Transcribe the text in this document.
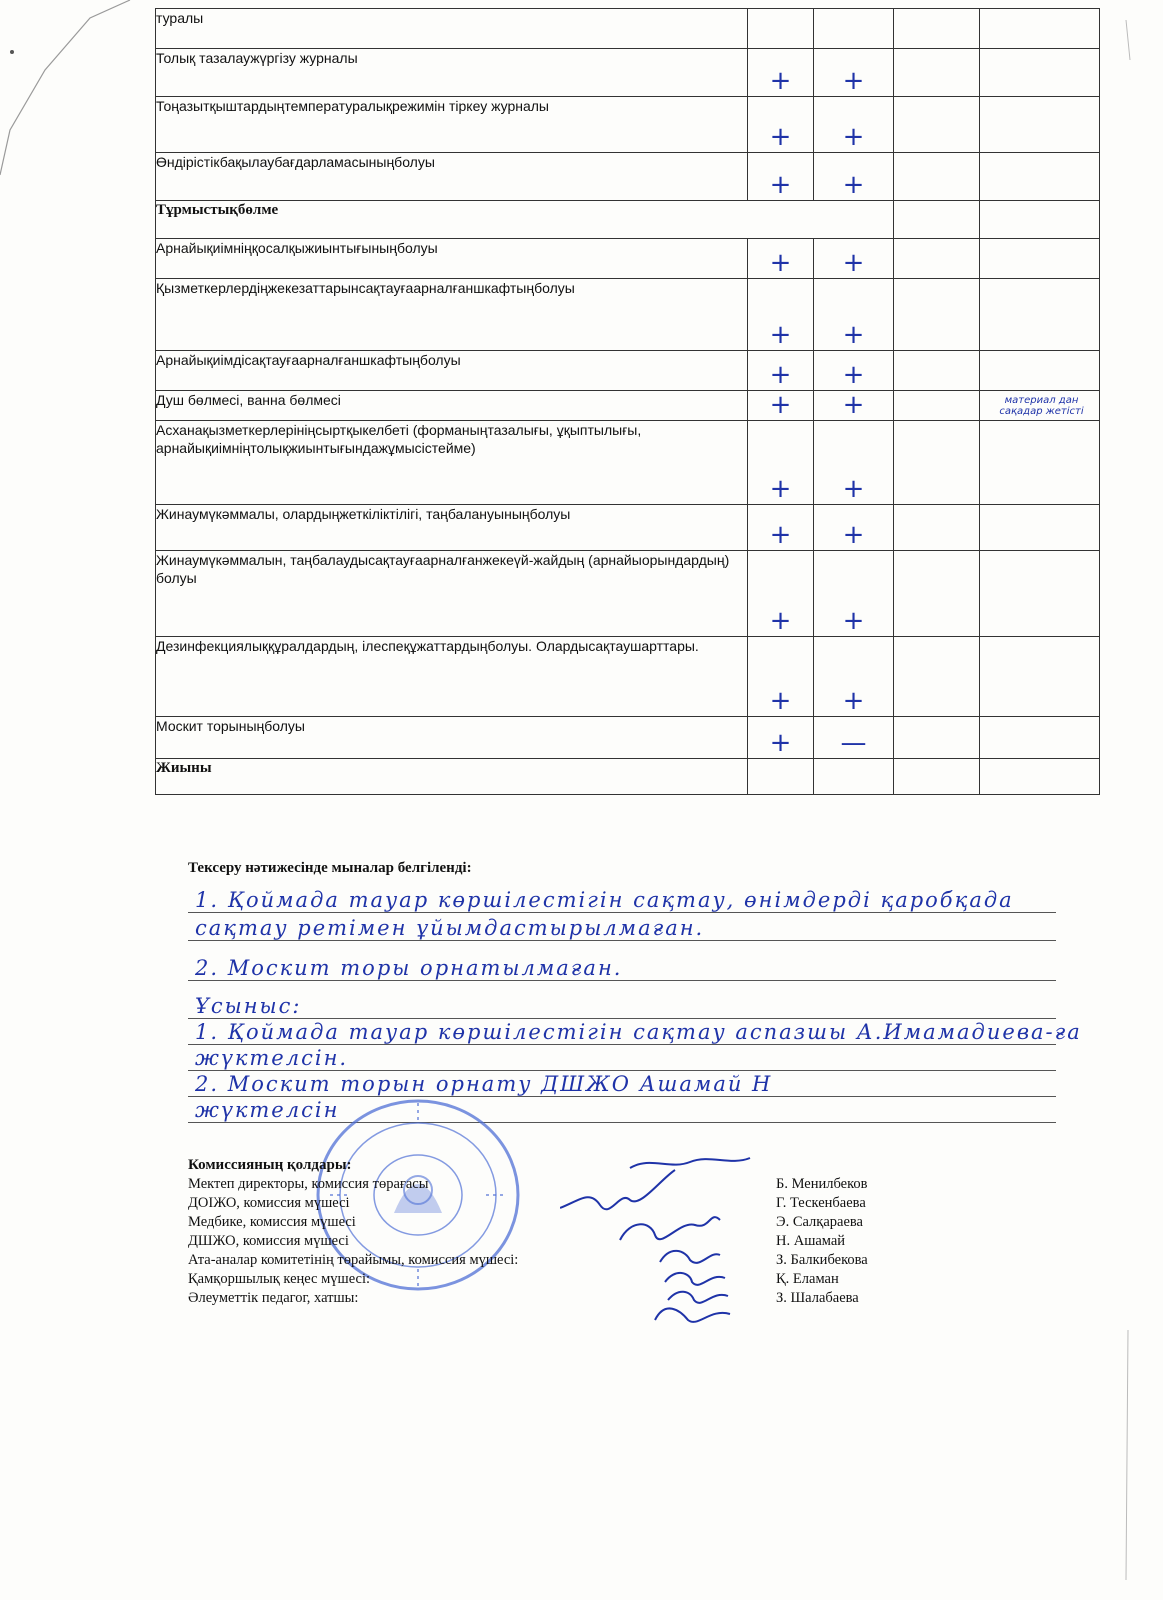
туралы				
Толық тазалаужүргізу журналы	+	+		

Тоңазытқыштардыңтемпературалықрежимін тіркеу журналы	+	+		

Өндірістікбақылаубағдарламасыныңболуы	+	+		

Тұрмыстықбөлме				
Арнайықиімніңқосалқыжиынтығыныңболуы	+	+		

Қызметкерлердіңжекезаттарынсақтауғаарналғаншкафтыңболуы	+	+		

Арнайықиімдісақтауғаарналғаншкафтыңболуы	+	+		

Душ бөлмесі, ванна бөлмесі	+	+		материал дан сақадар жетісті

Асханақызметкерлерініңсыртқыкелбеті (форманыңтазалығы, ұқыптылығы, арнайықиімніңтолықжиынтығындажұмысістейме)	+	+		

Жинаумүкәммалы, олардыңжеткіліктілігі, таңбалануыныңболуы	+	+		

Жинаумүкәммалын, таңбалаудысақтауғаарналғанжекеүй-жайдың (арнайыорындардың) болуы	+	+		

Дезинфекциялыққұралдардың, ілеспеқұжаттардыңболуы. Олардысақтаушарттары.	+	+		

Москит торыныңболуы	+	—		

Жиыны				
Тексеру нәтижесінде мыналар белгіленді:
1. Қоймада тауар көршілестігін сақтау, өнімдерді қаробқада
сақтау ретімен ұйымдастырылмаған.
2. Москит торы орнатылмаған.
Ұсыныс:
1. Қоймада тауар көршілестігін сақтау аспазшы А.Имамадиева-ға
жүктелсін.
2. Москит торын орнату ДШЖО Ашамай Н
жүктелсін
Комиссияның қолдары:
Мектеп директоры, комиссия төрағасы	Б. Менилбеков
ДОІЖО, комиссия мүшесі	Г. Тескенбаева
Медбике, комиссия мүшесі	Э. Салқараева
ДШЖО, комиссия мүшесі	Н. Ашамай
Ата-аналар комитетінің төрайымы, комиссия мүшесі:	З. Балкибекова
Қамқоршылық кеңес мүшесі:	Қ. Еламан
Әлеуметтік педагог, хатшы:	З. Шалабаева
